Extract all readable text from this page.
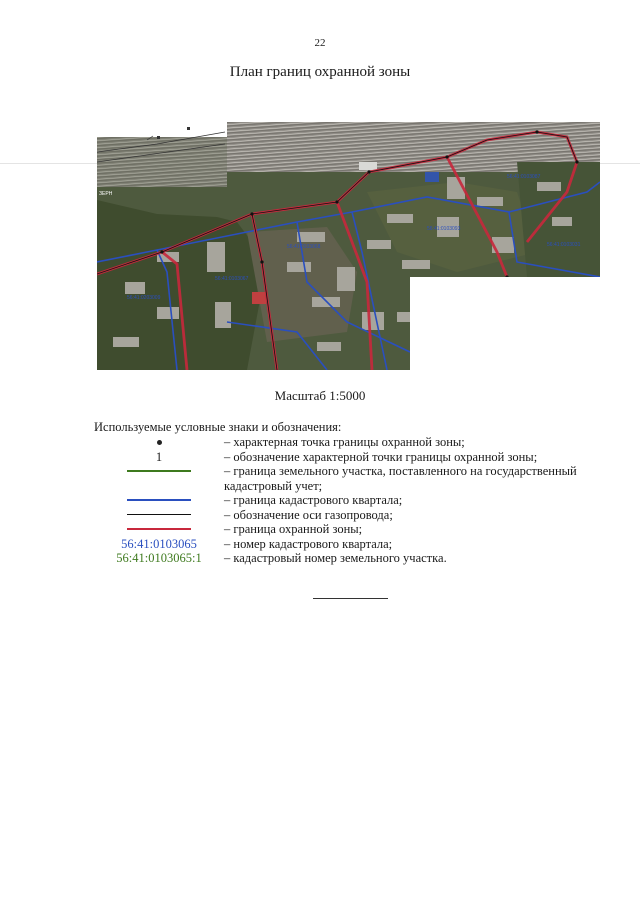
22
План границ охранной зоны
ЗЕРН
56:41:0203009
56:41:0103067
56:41:0103068
56:41:0103093
56:41:0103087
56:41:0103031
Масштаб 1:5000
Используемые условные знаки и обозначения:
– характерная точка границы охранной зоны;
1	– обозначение характерной точки границы охранной зоны;
– граница земельного участка, поставленного на государственный кадастровый учет;
– граница кадастрового квартала;
– обозначение оси газопровода;
– граница охранной зоны;
56:41:0103065 – номер кадастрового квартала;
56:41:0103065:1 – кадастровый номер земельного участка.
